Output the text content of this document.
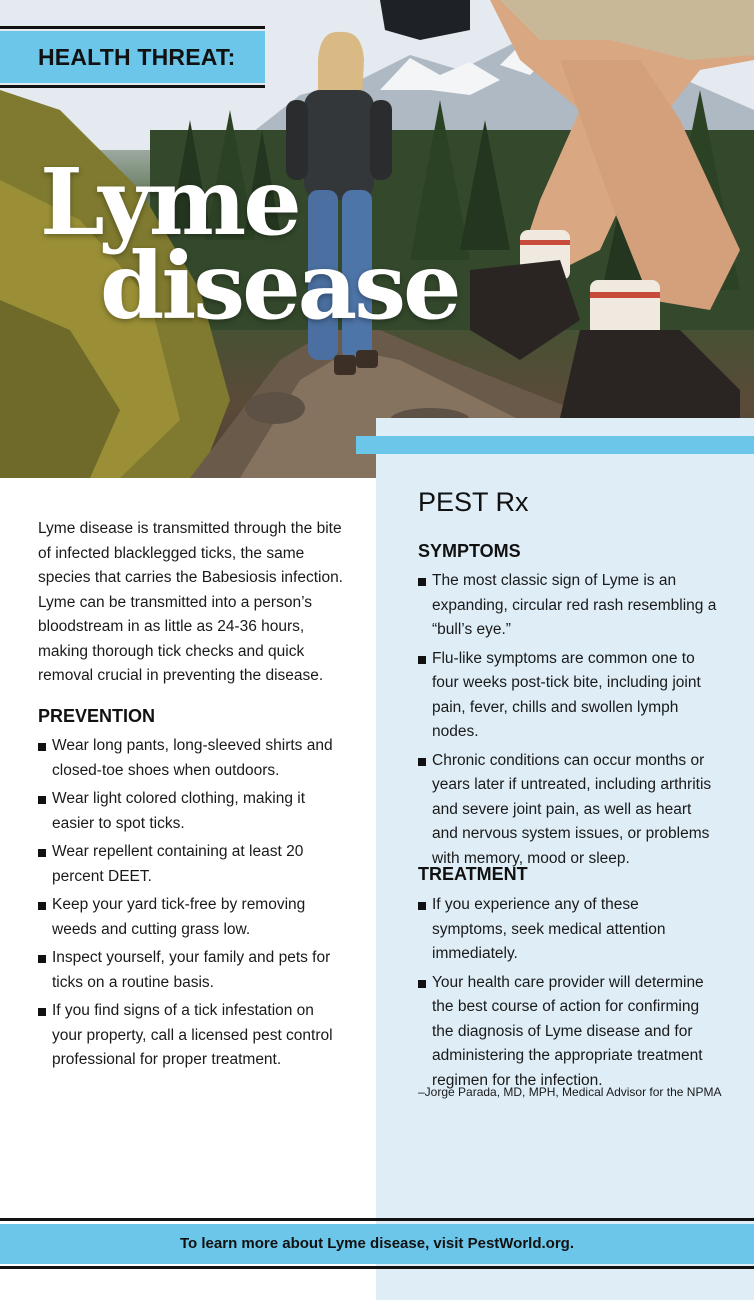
HEALTH THREAT:
Lyme
disease
PEST Rx
SYMPTOMS
The most classic sign of Lyme is an expanding, circular red rash resembling a “bull’s eye.”
Flu-like symptoms are common one to four weeks post-tick bite, including joint pain, fever, chills and swollen lymph nodes.
Chronic conditions can occur months or years later if untreated, including arthritis and severe joint pain, as well as heart and nervous system issues, or problems with memory, mood or sleep.
TREATMENT
If you experience any of these symptoms, seek medical attention immediately.
Your health care provider will determine the best course of action for confirming the diagnosis of Lyme disease and for administering the appropriate treatment regimen for the infection.
–Jorge Parada, MD, MPH, Medical Advisor for the NPMA

Lyme disease is transmitted through the bite of infected blacklegged ticks, the same species that carries the Babesiosis infection. Lyme can be transmitted into a person’s bloodstream in as little as 24-36 hours, making thorough tick checks and quick removal crucial in preventing the disease.

PREVENTION
Wear long pants, long-sleeved shirts and closed-toe shoes when outdoors.
Wear light colored clothing, making it easier to spot ticks.
Wear repellent containing at least 20 percent DEET.
Keep your yard tick-free by removing weeds and cutting grass low.
Inspect yourself, your family and pets for ticks on a routine basis.
If you find signs of a tick infestation on your property, call a licensed pest control professional for proper treatment.
To learn more about Lyme disease, visit PestWorld.org.
